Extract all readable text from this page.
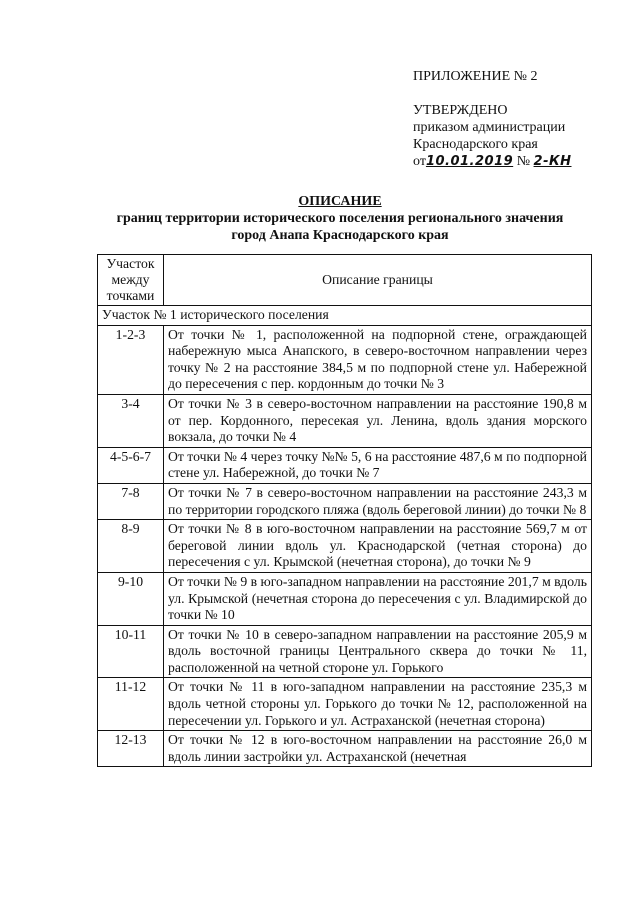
ПРИЛОЖЕНИЕ № 2
УТВЕРЖДЕНО
приказом администрации
Краснодарского края
от10.01.2019 № 2-КН
ОПИСАНИЕ
границ территории исторического поселения регионального значения
город Анапа Краснодарского края
Участок между точками	Описание границы
Участок № 1 исторического поселения	
1-2-3	От точки № 1, расположенной на подпорной стене, ограждающей набережную мыса Анапского, в северо-восточном направлении через точку № 2 на расстояние 384,5 м по подпорной стене ул. Набережной до пересечения с пер. кордонным до точки № 3
3-4	От точки № 3 в северо-восточном направлении на расстояние 190,8 м от пер. Кордонного, пересекая ул. Ленина, вдоль здания морского вокзала, до точки № 4
4-5-6-7	От точки № 4 через точку №№ 5, 6 на расстояние 487,6 м по подпорной стене ул. Набережной, до точки № 7
7-8	От точки № 7 в северо-восточном направлении на расстояние 243,3 м по территории городского пляжа (вдоль береговой линии) до точки № 8
8-9	От точки № 8 в юго-восточном направлении на расстояние 569,7 м от береговой линии вдоль ул. Краснодарской (четная сторона) до пересечения с ул. Крымской (нечетная сторона), до точки № 9
9-10	От точки № 9 в юго-западном направлении на расстояние 201,7 м вдоль ул. Крымской (нечетная сторона до пересечения с ул. Владимирской до точки № 10
10-11	От точки № 10 в северо-западном направлении на расстояние 205,9 м вдоль восточной границы Центрального сквера до точки № 11, расположенной на четной стороне ул. Горького
11-12	От точки № 11 в юго-западном направлении на расстояние 235,3 м вдоль четной стороны ул. Горького до точки № 12, расположенной на пересечении ул. Горького и ул. Астраханской (нечетная сторона)
12-13	От точки № 12 в юго-восточном направлении на расстояние 26,0 м вдоль линии застройки ул. Астраханской (нечетная
